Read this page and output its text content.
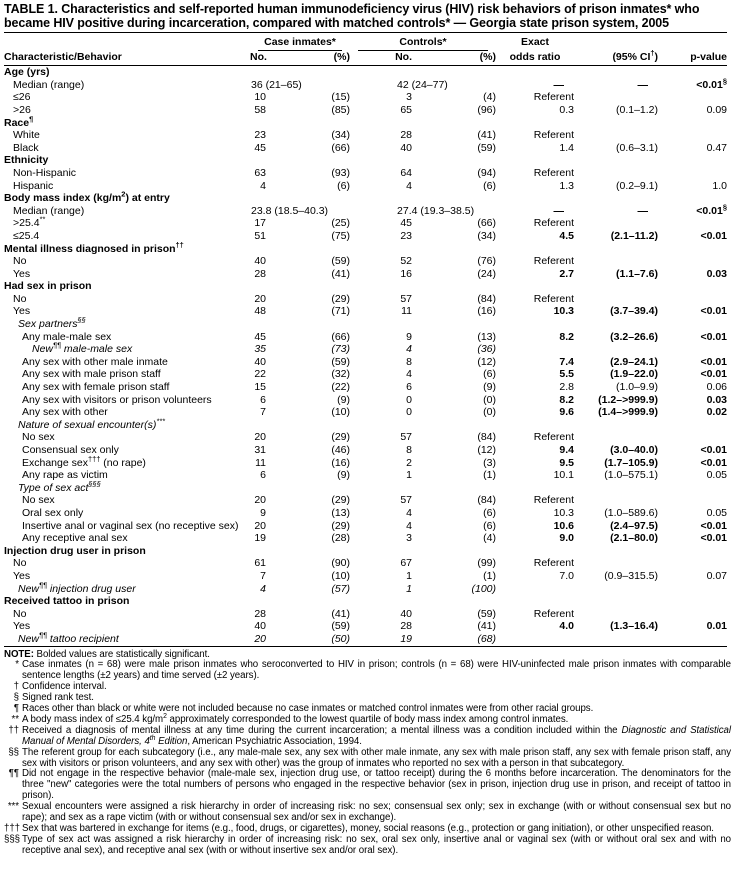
TABLE 1. Characteristics and self-reported human immunodeficiency virus (HIV) risk behaviors of prison inmates* who became HIV positive during incarceration, compared with matched controls* — Georgia state prison system, 2005

	Case inmates*		Controls*		Exact		
Characteristic/Behavior	No.	(%)	No.	(%)	odds ratio	(95% CI†)	p-value
Age (yrs)							
Median (range)	36 (21–65)		42 (24–77)		—	—	<0.01§
≤26	10	(15)	3	(4)	Referent		
>26	58	(85)	65	(96)	0.3	(0.1–1.2)	0.09
Race¶	
White	23	(34)	28	(41)	Referent		
Black	45	(66)	40	(59)	1.4	(0.6–3.1)	0.47
Ethnicity							
Non-Hispanic	63	(93)	64	(94)	Referent		
Hispanic	4	(6)	4	(6)	1.3	(0.2–9.1)	1.0
Body mass index $(kg/m^2)$ at entry							
Median (range)	23.8 (18.5–40.3)		27.4 (19.3–38.5)		—	—	<0.01§
>25.4**	17	(25)	45	(66)	Referent		
≤25.4	51	(75)	23	(34)	4.5	(2.1–11.2)	<0.01
Mental illness diagnosed in prison††	
No	40	(59)	52	(76)	Referent		
Yes	28	(41)	16	(24)	2.7	(1.1–7.6)	0.03
Had sex in prison							
No	20	(29)	57	(84)	Referent		
Yes	48	(71)	11	(16)	10.3	(3.7–39.4)	<0.01
Sex partners§§	
Any male-male sex	45	(66)	9	(13)	8.2	(3.2–26.6)	<0.01
New¶¶ male-male sex	35	(73)	4	(36)			
Any sex with other male inmate	40	(59)	8	(12)	7.4	(2.9–24.1)	<0.01
Any sex with male prison staff	22	(32)	4	(6)	5.5	(1.9–22.0)	<0.01
Any sex with female prison staff	15	(22)	6	(9)	2.8	(1.0–9.9)	0.06
Any sex with visitors or prison volunteers	6	(9)	0	(0)	8.2	(1.2–>999.9)	0.03
Any sex with other	7	(10)	0	(0)	9.6	(1.4–>999.9)	0.02
Nature of sexual encounter(s)***	
No sex	20	(29)	57	(84)	Referent		
Consensual sex only	31	(46)	8	(12)	9.4	(3.0–40.0)	<0.01
Exchange sex††† (no rape)	11	(16)	2	(3)	9.5	(1.7–105.9)	<0.01
Any rape as victim	6	(9)	1	(1)	10.1	(1.0–575.1)	0.05
Type of sex act§§§	
No sex	20	(29)	57	(84)	Referent		
Oral sex only	9	(13)	4	(6)	10.3	(1.0–589.6)	0.05
Insertive anal or vaginal sex (no receptive sex)	20	(29)	4	(6)	10.6	(2.4–97.5)	<0.01
Any receptive anal sex	19	(28)	3	(4)	9.0	(2.1–80.0)	<0.01
Injection drug user in prison							
No	61	(90)	67	(99)	Referent		
Yes	7	(10)	1	(1)	7.0	(0.9–315.5)	0.07
New¶¶ injection drug user	4	(57)	1	(100)			
Received tattoo in prison							
No	28	(41)	40	(59)	Referent		
Yes	40	(59)	28	(41)	4.0	(1.3–16.4)	0.01
New¶¶ tattoo recipient	20	(50)	19	(68)			
NOTE: Bolded values are statistically significant.
* Case inmates (n = 68) were male prison inmates who seroconverted to HIV in prison; controls (n = 68) were HIV-uninfected male prison inmates with comparable sentence lengths (±2 years) and time served (±2 years).
† Confidence interval.
§ Signed rank test.
¶ Races other than black or white were not included because no case inmates or matched control inmates were from other racial groups.
** A body mass index of ≤25.4 $kg/m^2$ approximately corresponded to the lowest quartile of body mass index among control inmates.
†† Received a diagnosis of mental illness at any time during the current incarceration; a mental illness was a condition included within the Diagnostic and Statistical Manual of Mental Disorders, 4th Edition, American Psychiatric Association, 1994.
§§ The referent group for each subcategory (i.e., any male-male sex, any sex with other male inmate, any sex with male prison staff, any sex with female prison staff, any sex with visitors or prison volunteers, and any sex with other) was the group of inmates who reported no sex with a person in that subcategory.
¶¶ Did not engage in the respective behavior (male-male sex, injection drug use, or tattoo receipt) during the 6 months before incarceration. The denominators for the three "new" categories were the total numbers of persons who engaged in the respective behavior (sex in prison, injection drug use in prison, and receipt of tattoo in prison).
*** Sexual encounters were assigned a risk hierarchy in order of increasing risk: no sex; consensual sex only; sex in exchange (with or without consensual sex but no rape); and sex as a rape victim (with or without consensual sex and/or sex in exchange).
††† Sex that was bartered in exchange for items (e.g., food, drugs, or cigarettes), money, social reasons (e.g., protection or gang initiation), or other unspecified reason.
§§§ Type of sex act was assigned a risk hierarchy in order of increasing risk: no sex, oral sex only, insertive anal or vaginal sex (with or without oral sex and with no receptive anal sex), and receptive anal sex (with or without insertive sex and/or oral sex).
